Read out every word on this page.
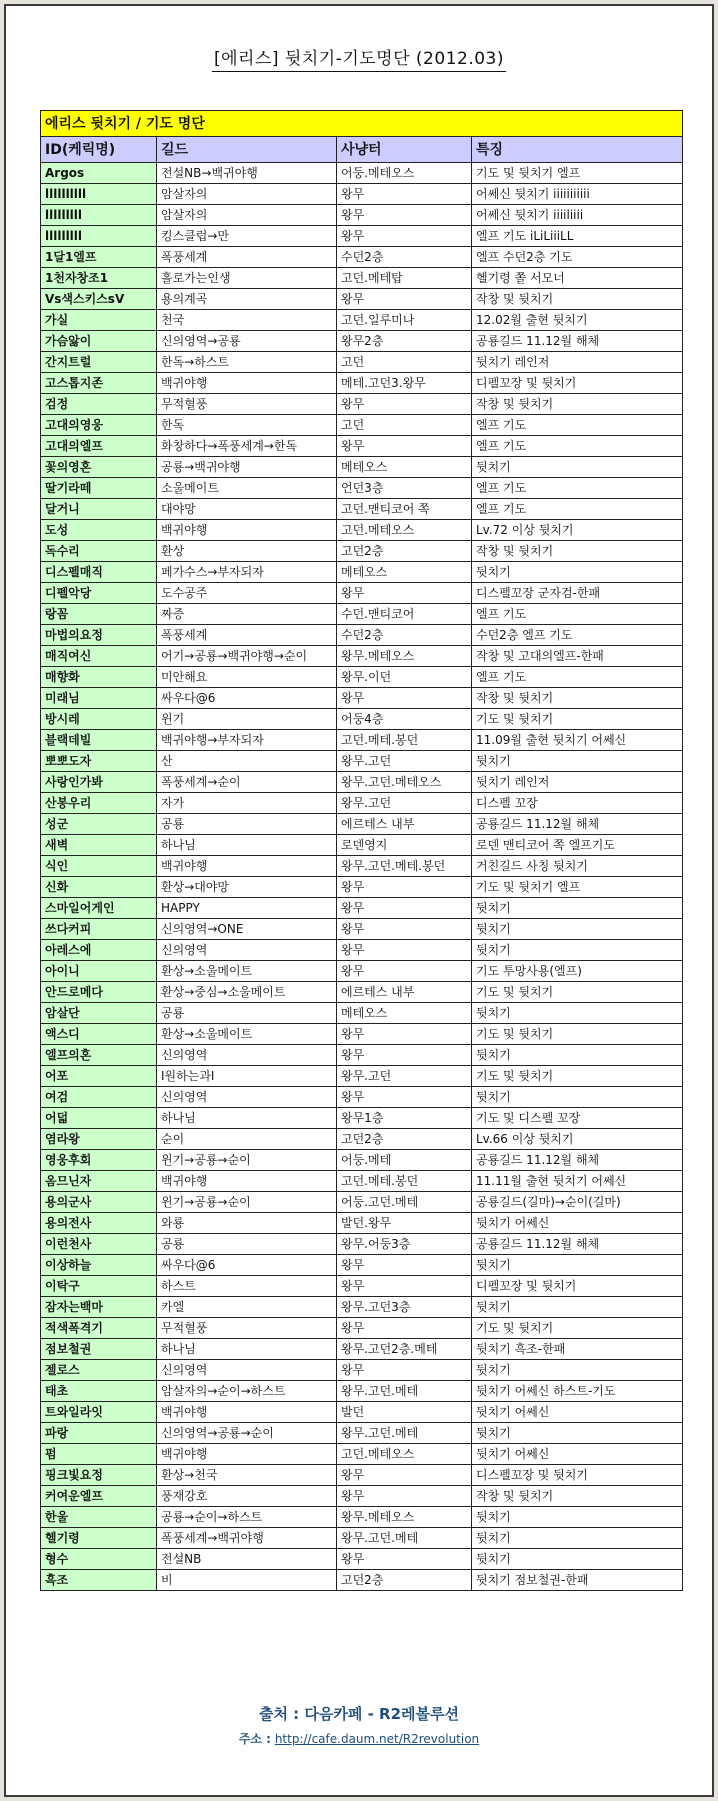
[에리스] 뒷치기-기도명단 (2012.03)
에리스 뒷치기 / 기도 명단			
ID(케릭명)	길드	사냥터	특징
Argos	전설NB→백귀야행	어둥.메테오스	기도 및 뒷치기 엘프
llllllllll	암살자의	왕무	어쎄신 뒷치기 iiiiiiiiiii
lllllllll	암살자의	왕무	어쎄신 뒷치기 iiiiliiii
lllllllll	킹스클럽→만	왕무	엘프 기도 iLiLiiiLL
1달1엘프	폭풍세계	수던2층	엘프 수던2층 기도
1천자창조1	홀로가는인생	고던.메테탑	헬기령 쫄 서모너
Vs색스키스sV	용의계곡	왕무	작창 및 뒷치기
가실	천국	고던.일루미나	12.02월 출현 뒷치기
가슴앓이	신의영역→공룡	왕무2층	공룡길드 11.12월 해체
간지트럴	한독→하스트	고던	뒷치기 레인저
고스톱지존	백귀야행	메테.고던3.왕무	디펠꼬장 및 뒷치기
검정	무적혈풍	왕무	작창 및 뒷치기
고대의영웅	한독	고던	엘프 기도
고대의엘프	화창하다→폭풍세계→한독	왕무	엘프 기도
꽃의영혼	공룡→백귀야행	메테오스	뒷치기
딸기라떼	소울메이트	언던3층	엘프 기도
달거니	대야망	고던.맨티코어 쪽	엘프 기도
도성	백귀야행	고던.메테오스	Lv.72 이상 뒷치기
독수리	환상	고던2층	작창 및 뒷치기
디스펠매직	페가수스→부자되자	메테오스	뒷치기
디펠악당	도수공주	왕무	디스펠꼬장 군자검-한패
랑꼼	짜증	수던.맨티코어	엘프 기도
마법의요정	폭풍세계	수던2층	수던2층 엘프 기도
매직여신	어기→공룡→백귀야행→순이	왕무.메테오스	작창 및 고대의엘프-한패
매향화	미안해요	왕무.이던	엘프 기도
미래님	싸우다@6	왕무	작창 및 뒷치기
방시레	윈기	어둥4층	기도 및 뒷치기
블랙데빌	백귀야행→부자되자	고던.메테.봉던	11.09월 출현 뒷치기 어쎄신
뽀뽀도자	산	왕무.고던	뒷치기
사랑인가봐	폭풍세계→순이	왕무.고던.메테오스	뒷치기 레인저
산봉우리	자가	왕무.고던	디스펠 꼬장
성군	공룡	에르테스 내부	공룡길드 11.12월 해체
새벽	하나님	로덴영지	로덴 맨티코어 쪽 엘프기도
식인	백귀야행	왕무.고던.메테.봉던	거친길드 사칭 뒷치기
신화	환상→대야망	왕무	기도 및 뒷치기 엘프
스마일어게인	HAPPY	왕무	뒷치기
쓰다커피	신의영역→ONE	왕무	뒷치기
아레스에	신의영역	왕무	뒷치기
아이니	환상→소울메이트	왕무	기도 투망사용(엘프)
안드로메다	환상→중심→소울메이트	에르테스 내부	기도 및 뒷치기
암살단	공룡	메테오스	뒷치기
액스디	환상→소울메이트	왕무	기도 및 뒷치기
엘프의혼	신의영역	왕무	뒷치기
어포	I원하는과I	왕무.고던	기도 및 뒷치기
여검	신의영역	왕무	뒷치기
어덟	하나님	왕무1층	기도 및 디스펠 꼬장
염라왕	순이	고던2층	Lv.66 이상 뒷치기
영웅후회	윈기→공룡→순이	어둥.메테	공룡길드 11.12월 해체
옴므닌자	백귀야행	고던.메테.봉던	11.11월 출현 뒷치기 어쎄신
용의군사	윈기→공룡→순이	어둥.고던.메테	공룡길드(길마)→순이(길마)
용의전사	와룡	발던.왕무	뒷치기 어쎄신
이런천사	공룡	왕무.어둥3층	공룡길드 11.12월 해체
이상하늘	싸우다@6	왕무	뒷치기
이탁구	하스트	왕무	디펠꼬장 및 뒷치기
잠자는백마	카엘	왕무.고던3층	뒷치기
적색폭격기	무적혈풍	왕무	기도 및 뒷치기
점보철권	하나님	왕무.고던2층.메테	뒷치기 흑조-한패
젤로스	신의영역	왕무	뒷치기
태초	암살자의→순이→하스트	왕무.고던.메테	뒷치기 어쎄신 하스트-기도
트와일라잇	백귀야행	발던	뒷치기 어쎄신
파랑	신의영역→공룡→순이	왕무.고던.메테	뒷치기
펌	백귀야행	고던.메테오스	뒷치기 어쎄신
핑크빛요정	환상→천국	왕무	디스펠꼬장 및 뒷치기
커여운엘프	풍재강호	왕무	작창 및 뒷치기
한울	공룡→순이→하스트	왕무.메테오스	뒷치기
헬기령	폭풍세계→백귀야행	왕무.고던.메테	뒷치기
형수	전설NB	왕무	뒷치기
흑조	비	고던2층	뒷치기 점보철권-한패
출처 : 다음카페 - R2레볼루션
주소 : http://cafe.daum.net/R2revolution
